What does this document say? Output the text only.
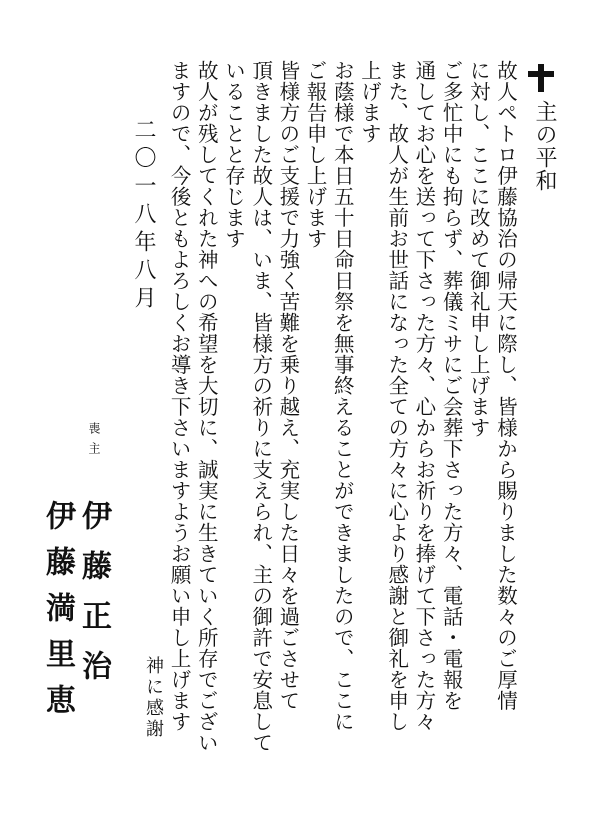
主の平和
故人ペトロ伊藤協治の帰天に際し、皆様から賜りました数々のご厚情
に対し、ここに改めて御礼申し上げます
ご多忙中にも拘らず、葬儀ミサにご会葬下さった方々、電話・電報を
通してお心を送って下さった方々、心からお祈りを捧げて下さった方々
また、故人が生前お世話になった全ての方々に心より感謝と御礼を申し
上げます
お蔭様で本日五十日命日祭を無事終えることができましたので、ここに
ご報告申し上げます
皆様方のご支援で力強く苦難を乗り越え、充実した日々を過ごさせて
頂きました故人は、いま、皆様方の祈りに支えられ、主の御許で安息して
いることと存じます
故人が残してくれた神への希望を大切に、誠実に生きていく所存でござい
ますので、今後ともよろしくお導き下さいますようお願い申し上げます
神に感謝
二〇一八年八月
喪主
伊藤正治
伊藤満里恵
